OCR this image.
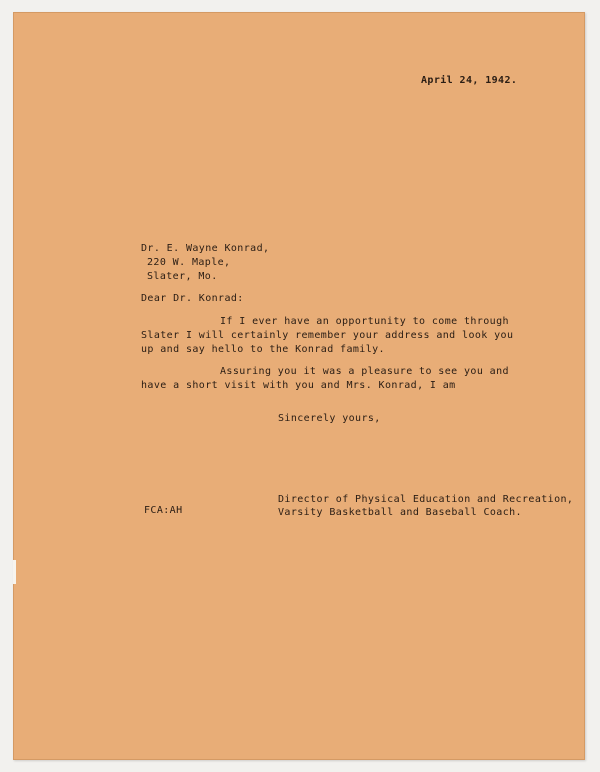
April 24, 1942.
Dr. E. Wayne Konrad,
220 W. Maple,
Slater, Mo.
Dear Dr. Konrad:
If I ever have an opportunity to come through
Slater I will certainly remember your address and look you
up and say hello to the Konrad family.
Assuring you it was a pleasure to see you and
have a short visit with you and Mrs. Konrad, I am
Sincerely yours,
FCA:AH
Director of Physical Education and Recreation,
Varsity Basketball and Baseball Coach.
